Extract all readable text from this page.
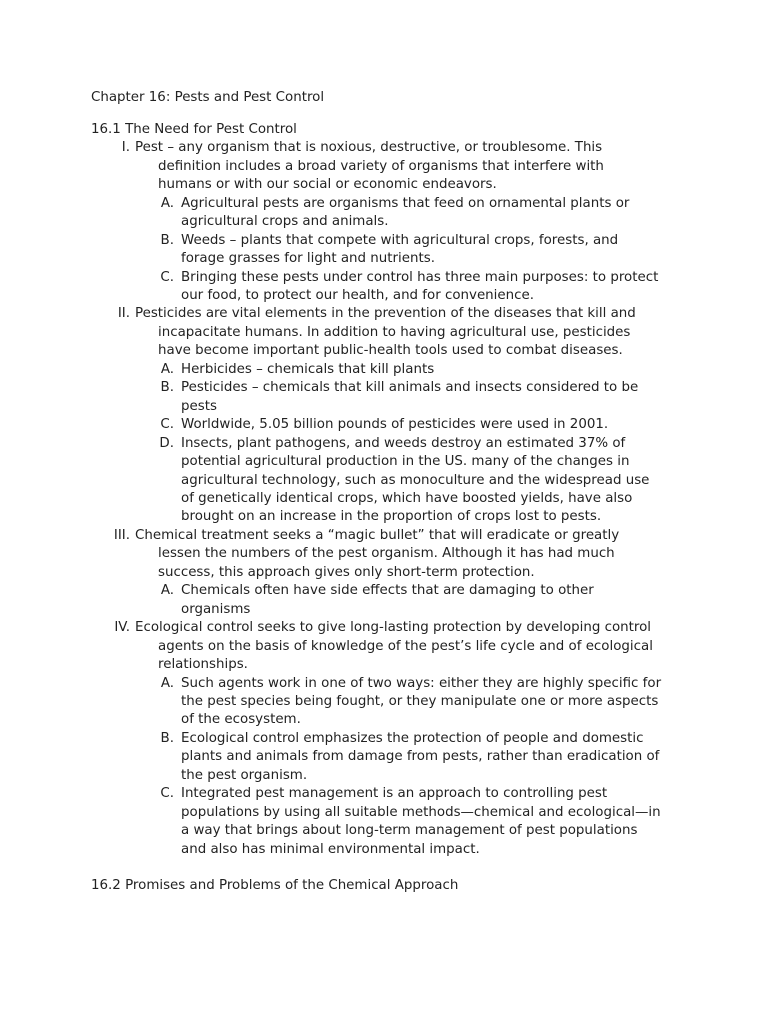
Chapter 16: Pests and Pest Control
16.1 The Need for Pest Control
I. Pest – any organism that is noxious, destructive, or troublesome. This
definition includes a broad variety of organisms that interfere with
humans or with our social or economic endeavors.
A. Agricultural pests are organisms that feed on ornamental plants or
agricultural crops and animals.
B. Weeds – plants that compete with agricultural crops, forests, and
forage grasses for light and nutrients.
C. Bringing these pests under control has three main purposes: to protect
our food, to protect our health, and for convenience.
II. Pesticides are vital elements in the prevention of the diseases that kill and
incapacitate humans. In addition to having agricultural use, pesticides
have become important public-health tools used to combat diseases.
A. Herbicides – chemicals that kill plants
B. Pesticides – chemicals that kill animals and insects considered to be
pests
C. Worldwide, 5.05 billion pounds of pesticides were used in 2001.
D. Insects, plant pathogens, and weeds destroy an estimated 37% of
potential agricultural production in the US. many of the changes in
agricultural technology, such as monoculture and the widespread use
of genetically identical crops, which have boosted yields, have also
brought on an increase in the proportion of crops lost to pests.
III. Chemical treatment seeks a “magic bullet” that will eradicate or greatly
lessen the numbers of the pest organism. Although it has had much
success, this approach gives only short-term protection.
A. Chemicals often have side effects that are damaging to other
organisms
IV. Ecological control seeks to give long-lasting protection by developing control
agents on the basis of knowledge of the pest’s life cycle and of ecological
relationships.
A. Such agents work in one of two ways: either they are highly specific for
the pest species being fought, or they manipulate one or more aspects
of the ecosystem.
B. Ecological control emphasizes the protection of people and domestic
plants and animals from damage from pests, rather than eradication of
the pest organism.
C. Integrated pest management is an approach to controlling pest
populations by using all suitable methods—chemical and ecological—in
a way that brings about long-term management of pest populations
and also has minimal environmental impact.
16.2 Promises and Problems of the Chemical Approach
